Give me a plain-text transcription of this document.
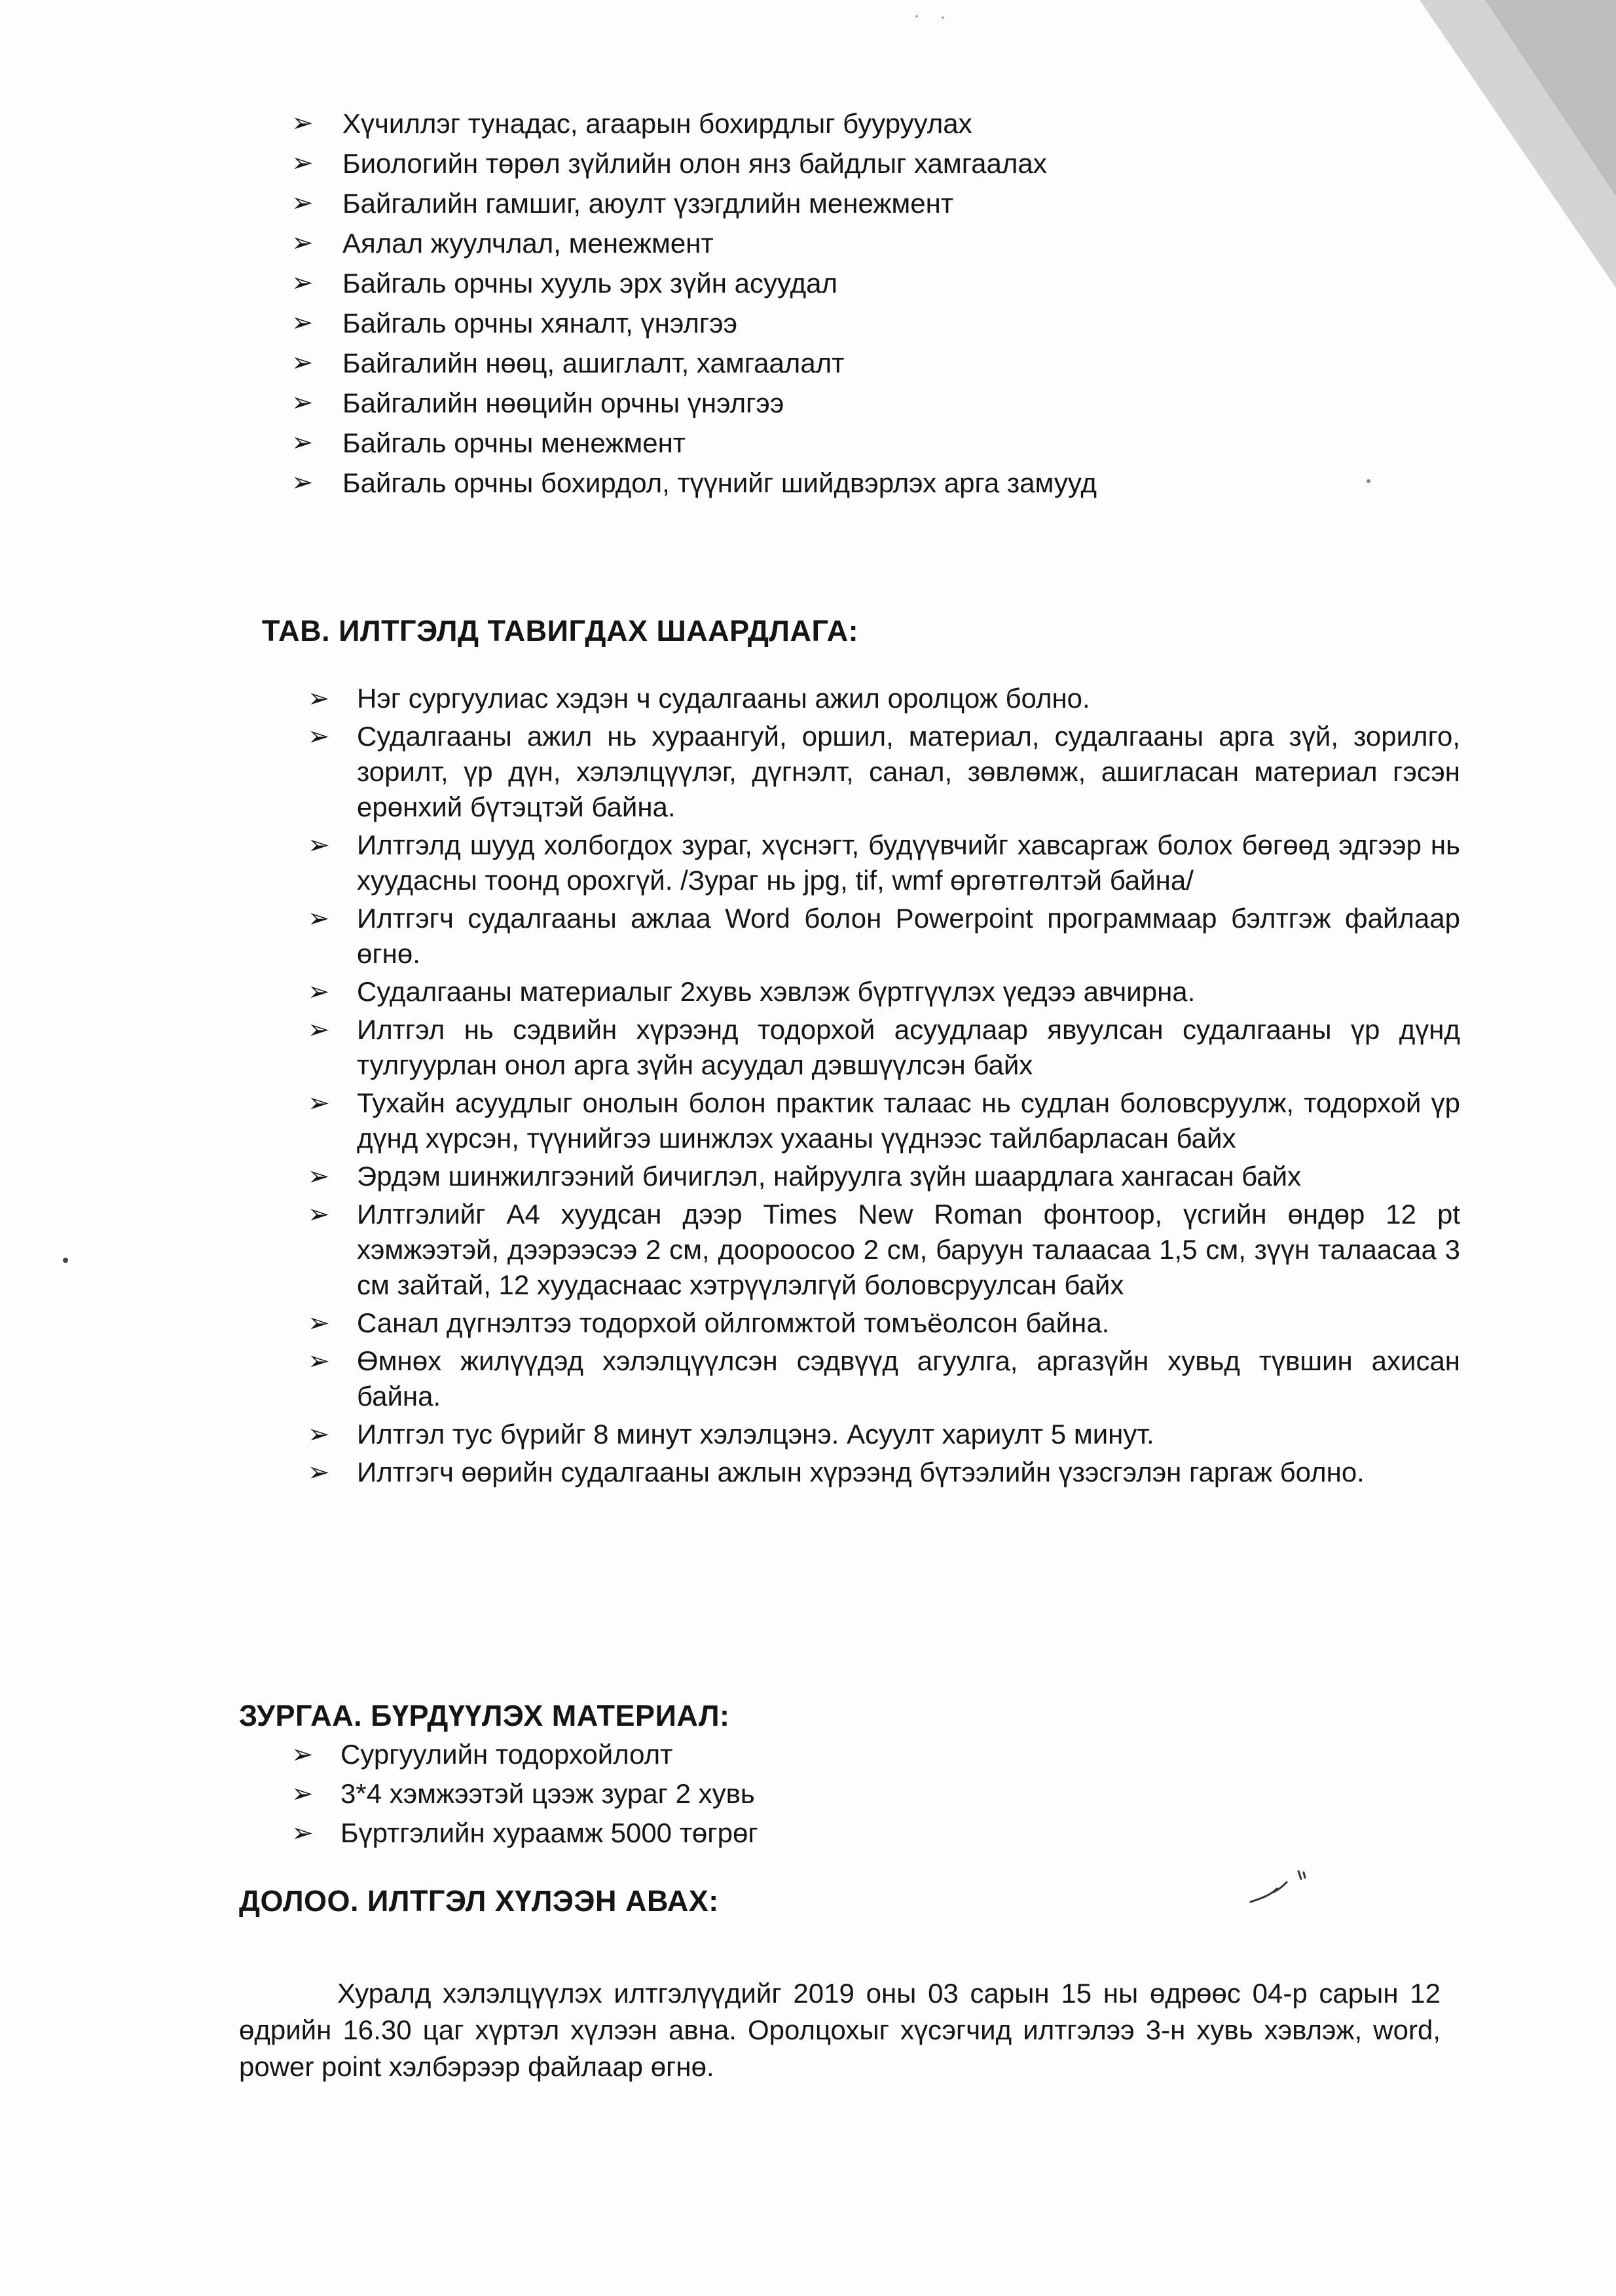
➢ Хүчиллэг тунадас, агаарын бохирдлыг бууруулах
➢ Биологийн төрөл зүйлийн олон янз байдлыг хамгаалах
➢ Байгалийн гамшиг, аюулт үзэгдлийн менежмент
➢ Аялал жуулчлал, менежмент
➢ Байгаль орчны хууль эрх зүйн асуудал
➢ Байгаль орчны хяналт, үнэлгээ
➢ Байгалийн нөөц, ашиглалт, хамгаалалт
➢ Байгалийн нөөцийн орчны үнэлгээ
➢ Байгаль орчны менежмент
➢ Байгаль орчны бохирдол, түүнийг шийдвэрлэх арга замууд
ТАВ. ИЛТГЭЛД ТАВИГДАХ ШААРДЛАГА:
➢ Нэг сургуулиас хэдэн ч судалгааны ажил оролцож болно.
➢ Судалгааны ажил нь хураангуй, оршил, материал, судалгааны арга зүй, зорилго, зорилт, үр дүн, хэлэлцүүлэг, дүгнэлт, санал, зөвлөмж, ашигласан материал гэсэн ерөнхий бүтэцтэй байна.
➢ Илтгэлд шууд холбогдох зураг, хүснэгт, будүүвчийг хавсаргаж болох бөгөөд эдгээр нь хуудасны тоонд орохгүй. /Зураг нь jpg, tif, wmf өргөтгөлтэй байна/
➢ Илтгэгч судалгааны ажлаа Word болон Powerpoint программаар бэлтгэж файлаар өгнө.
➢ Судалгааны материалыг 2хувь хэвлэж бүртгүүлэх үедээ авчирна.
➢ Илтгэл нь сэдвийн хүрээнд тодорхой асуудлаар явуулсан судалгааны үр дүнд тулгуурлан онол арга зүйн асуудал дэвшүүлсэн байх
➢ Тухайн асуудлыг онолын болон практик талаас нь судлан боловсруулж, тодорхой үр дүнд хүрсэн, түүнийгээ шинжлэх ухааны үүднээс тайлбарласан байх
➢ Эрдэм шинжилгээний бичиглэл, найруулга зүйн шаардлага хангасан байх
➢ Илтгэлийг A4 хуудсан дээр Times New Roman фонтоор, үсгийн өндөр 12 pt хэмжээтэй, дээрээсээ 2 см, доороосоо 2 см, баруун талаасаа 1,5 см, зүүн талаасаа 3 см зайтай, 12 хуудаснаас хэтрүүлэлгүй боловсруулсан байх
➢ Санал дүгнэлтээ тодорхой ойлгомжтой томъёолсон байна.
➢ Өмнөх жилүүдэд хэлэлцүүлсэн сэдвүүд агуулга, аргазүйн хувьд түвшин ахисан байна.
➢ Илтгэл тус бүрийг 8 минут хэлэлцэнэ. Асуулт хариулт 5 минут.
➢ Илтгэгч өөрийн судалгааны ажлын хүрээнд бүтээлийн үзэсгэлэн гаргаж болно.
ЗУРГАА. БҮРДҮҮЛЭХ МАТЕРИАЛ:
➢ Сургуулийн тодорхойлолт
➢ 3*4 хэмжээтэй цээж зураг 2 хувь
➢ Бүртгэлийн хураамж 5000 төгрөг
ДОЛОО. ИЛТГЭЛ ХҮЛЭЭН АВАХ:

Хуралд хэлэлцүүлэх илтгэлүүдийг 2019 оны 03 сарын 15 ны өдрөөс 04-р сарын 12 өдрийн 16.30 цаг хүртэл хүлээн авна. Оролцохыг хүсэгчид илтгэлээ 3-н хувь хэвлэж, word, power point хэлбэрээр файлаар өгнө.
